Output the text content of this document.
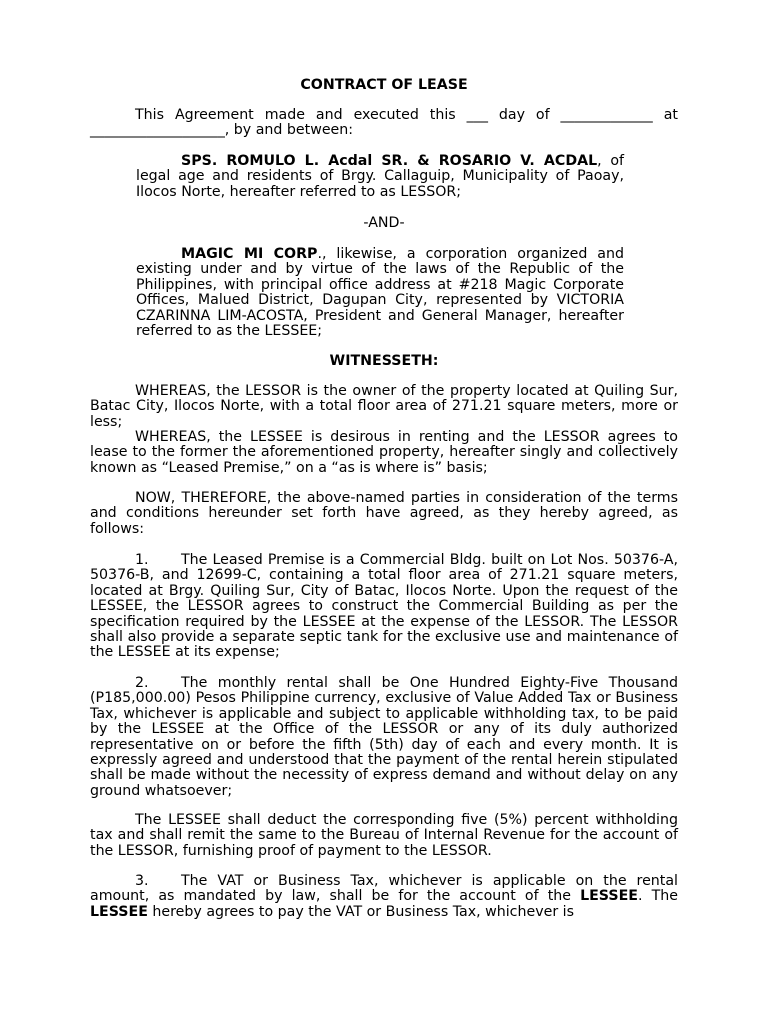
CONTRACT OF LEASE
This Agreement made and executed this ___ day of _____________ at ___________________, by and between:
SPS. ROMULO L. Acdal SR. & ROSARIO V. ACDAL, of legal age and residents of Brgy. Callaguip, Municipality of Paoay, Ilocos Norte, hereafter referred to as LESSOR;
-AND-
MAGIC MI CORP., likewise, a corporation organized and existing under and by virtue of the laws of the Republic of the Philippines, with principal office address at #218 Magic Corporate Offices, Malued District, Dagupan City, represented by VICTORIA CZARINNA LIM-ACOSTA, President and General Manager, hereafter referred to as the LESSEE;
WITNESSETH:
WHEREAS, the LESSOR is the owner of the property located at Quiling Sur, Batac City, Ilocos Norte, with a total floor area of 271.21 square meters, more or less;
WHEREAS, the LESSEE is desirous in renting and the LESSOR agrees to lease to the former the aforementioned property, hereafter singly and collectively known as “Leased Premise,” on a “as is where is” basis;
NOW, THEREFORE, the above-named parties in consideration of the terms and conditions hereunder set forth have agreed, as they hereby agreed, as follows:
1. The Leased Premise is a Commercial Bldg. built on Lot Nos. 50376-A, 50376-B, and 12699-C, containing a total floor area of 271.21 square meters, located at Brgy. Quiling Sur, City of Batac, Ilocos Norte. Upon the request of the LESSEE, the LESSOR agrees to construct the Commercial Building as per the specification required by the LESSEE at the expense of the LESSOR. The LESSOR shall also provide a separate septic tank for the exclusive use and maintenance of the LESSEE at its expense;
2. The monthly rental shall be One Hundred Eighty-Five Thousand (P185,000.00) Pesos Philippine currency, exclusive of Value Added Tax or Business Tax, whichever is applicable and subject to applicable withholding tax, to be paid by the LESSEE at the Office of the LESSOR or any of its duly authorized representative on or before the fifth (5th) day of each and every month. It is expressly agreed and understood that the payment of the rental herein stipulated shall be made without the necessity of express demand and without delay on any ground whatsoever;
The LESSEE shall deduct the corresponding five (5%) percent withholding tax and shall remit the same to the Bureau of Internal Revenue for the account of the LESSOR, furnishing proof of payment to the LESSOR.
3. The VAT or Business Tax, whichever is applicable on the rental amount, as mandated by law, shall be for the account of the LESSEE. The LESSEE hereby agrees to pay the VAT or Business Tax, whichever is
